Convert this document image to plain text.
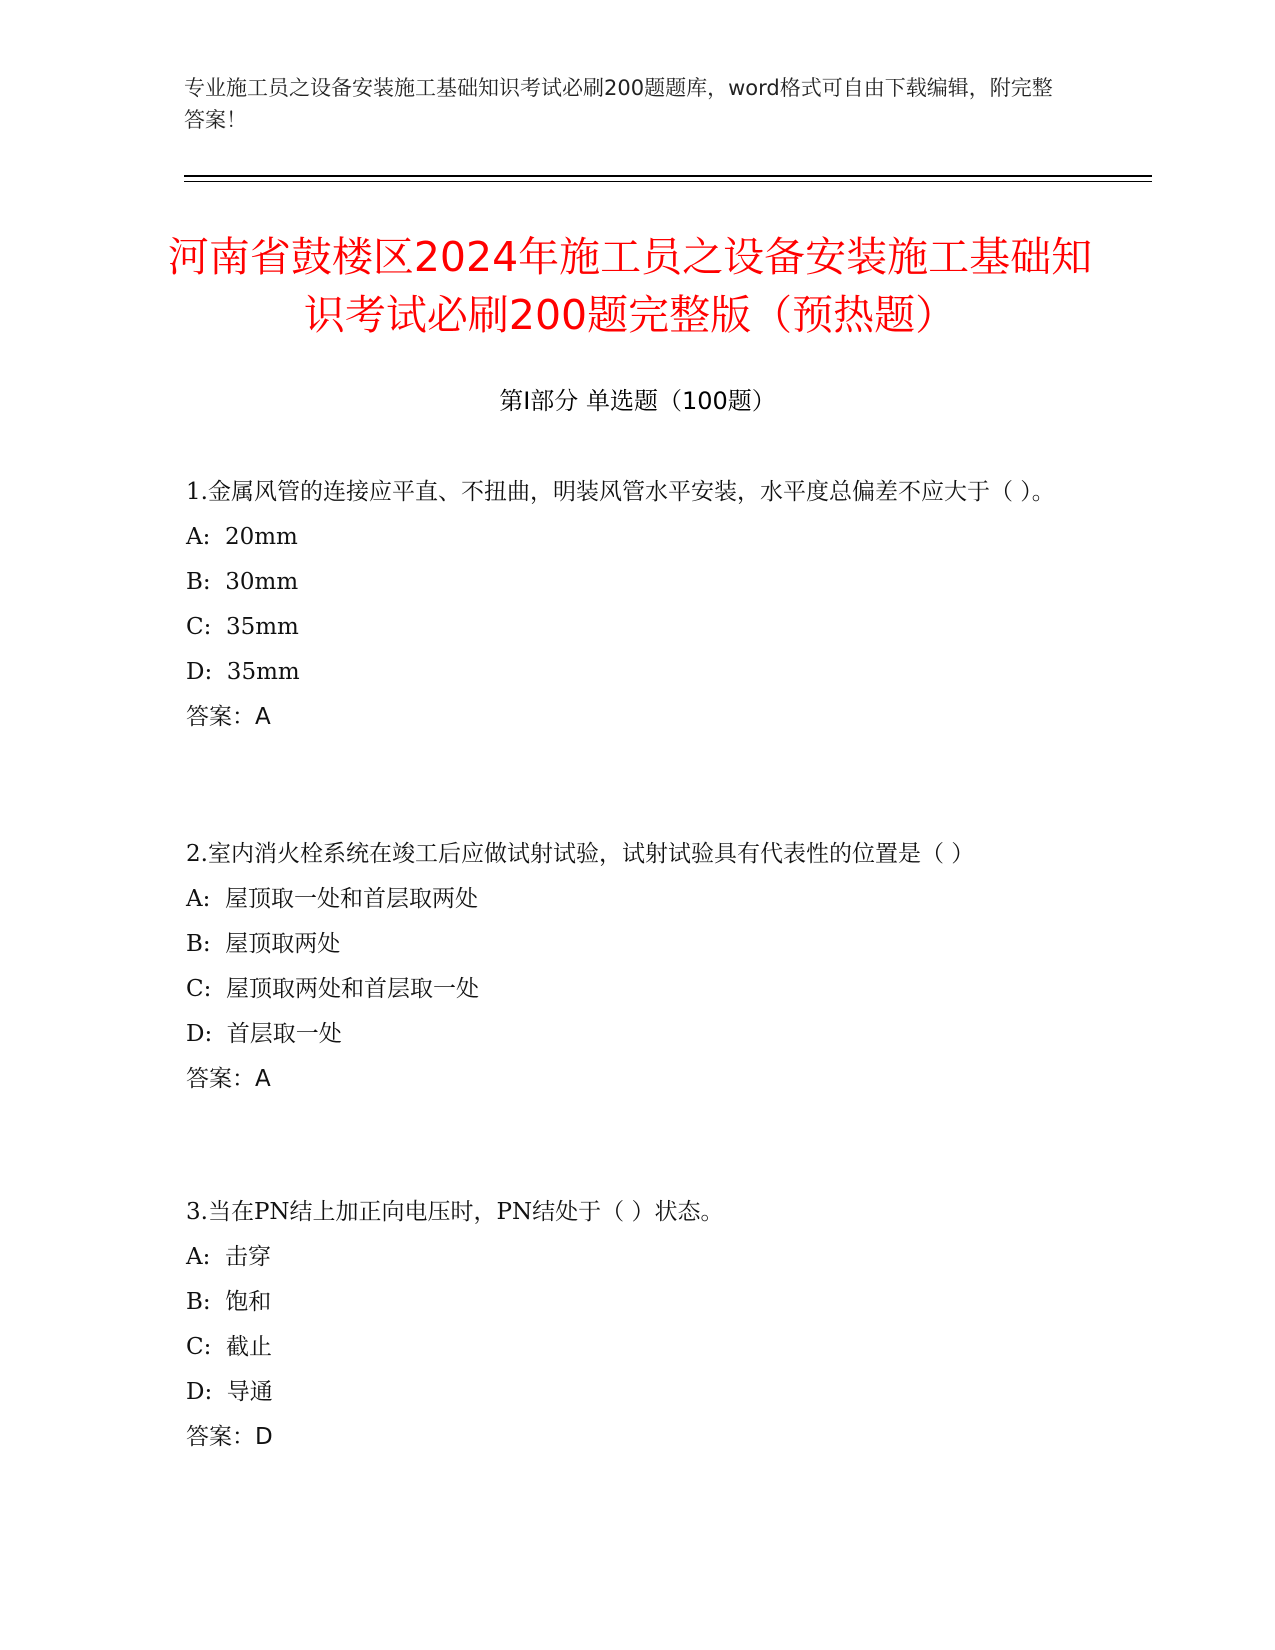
专业施工员之设备安装施工基础知识考试必刷200题题库，word格式可自由下载编辑，附完整答案！
河南省鼓楼区2024年施工员之设备安装施工基础知识考试必刷200题完整版（预热题）
第Ⅰ部分 单选题（100题）

1.金属风管的连接应平直、不扭曲，明装风管水平安装，水平度总偏差不应大于（ ）。

A:  20mm

B:  30mm

C:  35mm

D:  35mm

答案：A

2.室内消火栓系统在竣工后应做试射试验，试射试验具有代表性的位置是（ ）

A:  屋顶取一处和首层取两处

B:  屋顶取两处

C:  屋顶取两处和首层取一处

D:  首层取一处

答案：A

3.当在PN结上加正向电压时，PN结处于（ ）状态。

A:  击穿

B:  饱和

C:  截止

D:  导通

答案：D
